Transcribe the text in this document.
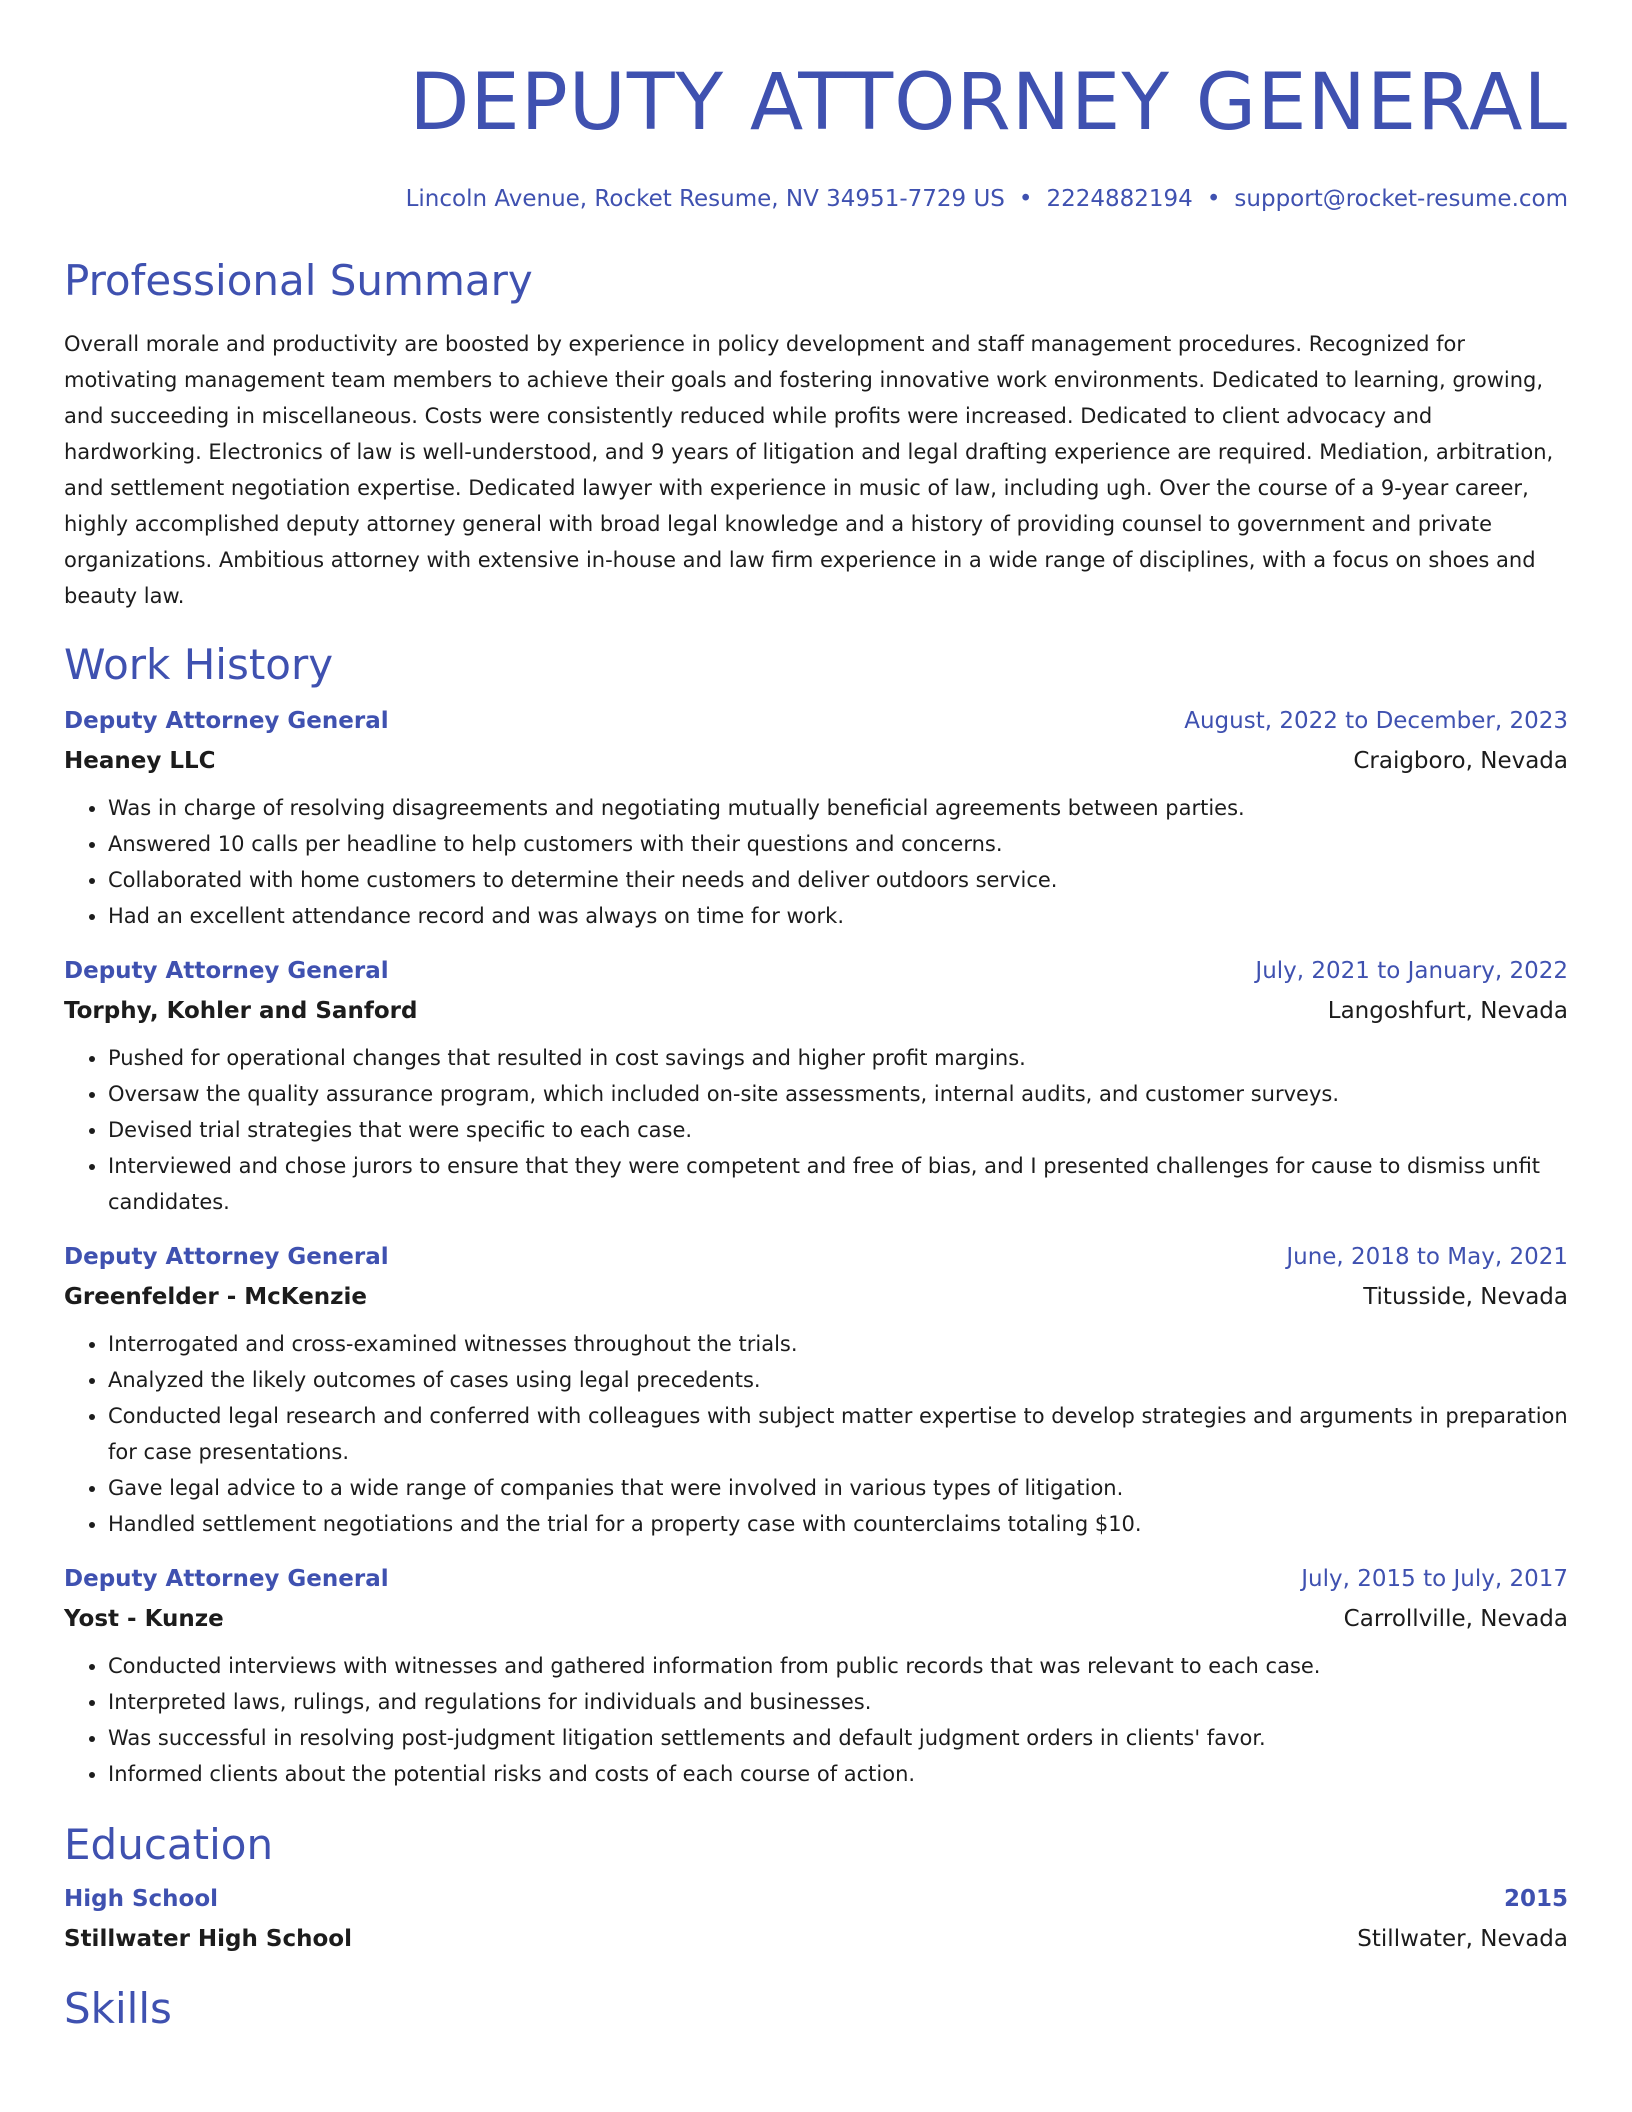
DEPUTY ATTORNEY GENERAL
Lincoln Avenue, Rocket Resume, NV 34951-7729 US • 2224882194 • support@rocket-resume.com
Professional Summary
Overall morale and productivity are boosted by experience in policy development and staff management procedures. Recognized for motivating management team members to achieve their goals and fostering innovative work environments. Dedicated to learning, growing, and succeeding in miscellaneous. Costs were consistently reduced while profits were increased. Dedicated to client advocacy and hardworking. Electronics of law is well-understood, and 9 years of litigation and legal drafting experience are required. Mediation, arbitration, and settlement negotiation expertise. Dedicated lawyer with experience in music of law, including ugh. Over the course of a 9-year career, highly accomplished deputy attorney general with broad legal knowledge and a history of providing counsel to government and private organizations. Ambitious attorney with extensive in-house and law firm experience in a wide range of disciplines, with a focus on shoes and beauty law.
Work History
Deputy Attorney General	August, 2022 to December, 2023
Heaney LLC	Craigboro, Nevada
• Was in charge of resolving disagreements and negotiating mutually beneficial agreements between parties.
• Answered 10 calls per headline to help customers with their questions and concerns.
• Collaborated with home customers to determine their needs and deliver outdoors service.
• Had an excellent attendance record and was always on time for work.
Deputy Attorney General	July, 2021 to January, 2022
Torphy, Kohler and Sanford	Langoshfurt, Nevada
• Pushed for operational changes that resulted in cost savings and higher profit margins.
• Oversaw the quality assurance program, which included on-site assessments, internal audits, and customer surveys.
• Devised trial strategies that were specific to each case.
• Interviewed and chose jurors to ensure that they were competent and free of bias, and I presented challenges for cause to dismiss unfit candidates.
Deputy Attorney General	June, 2018 to May, 2021
Greenfelder - McKenzie	Titusside, Nevada
• Interrogated and cross-examined witnesses throughout the trials.
• Analyzed the likely outcomes of cases using legal precedents.
• Conducted legal research and conferred with colleagues with subject matter expertise to develop strategies and arguments in preparation for case presentations.
• Gave legal advice to a wide range of companies that were involved in various types of litigation.
• Handled settlement negotiations and the trial for a property case with counterclaims totaling $10.
Deputy Attorney General	July, 2015 to July, 2017
Yost - Kunze	Carrollville, Nevada
• Conducted interviews with witnesses and gathered information from public records that was relevant to each case.
• Interpreted laws, rulings, and regulations for individuals and businesses.
• Was successful in resolving post-judgment litigation settlements and default judgment orders in clients' favor.
• Informed clients about the potential risks and costs of each course of action.
Education
High School	2015
Stillwater High School	Stillwater, Nevada
Skills
